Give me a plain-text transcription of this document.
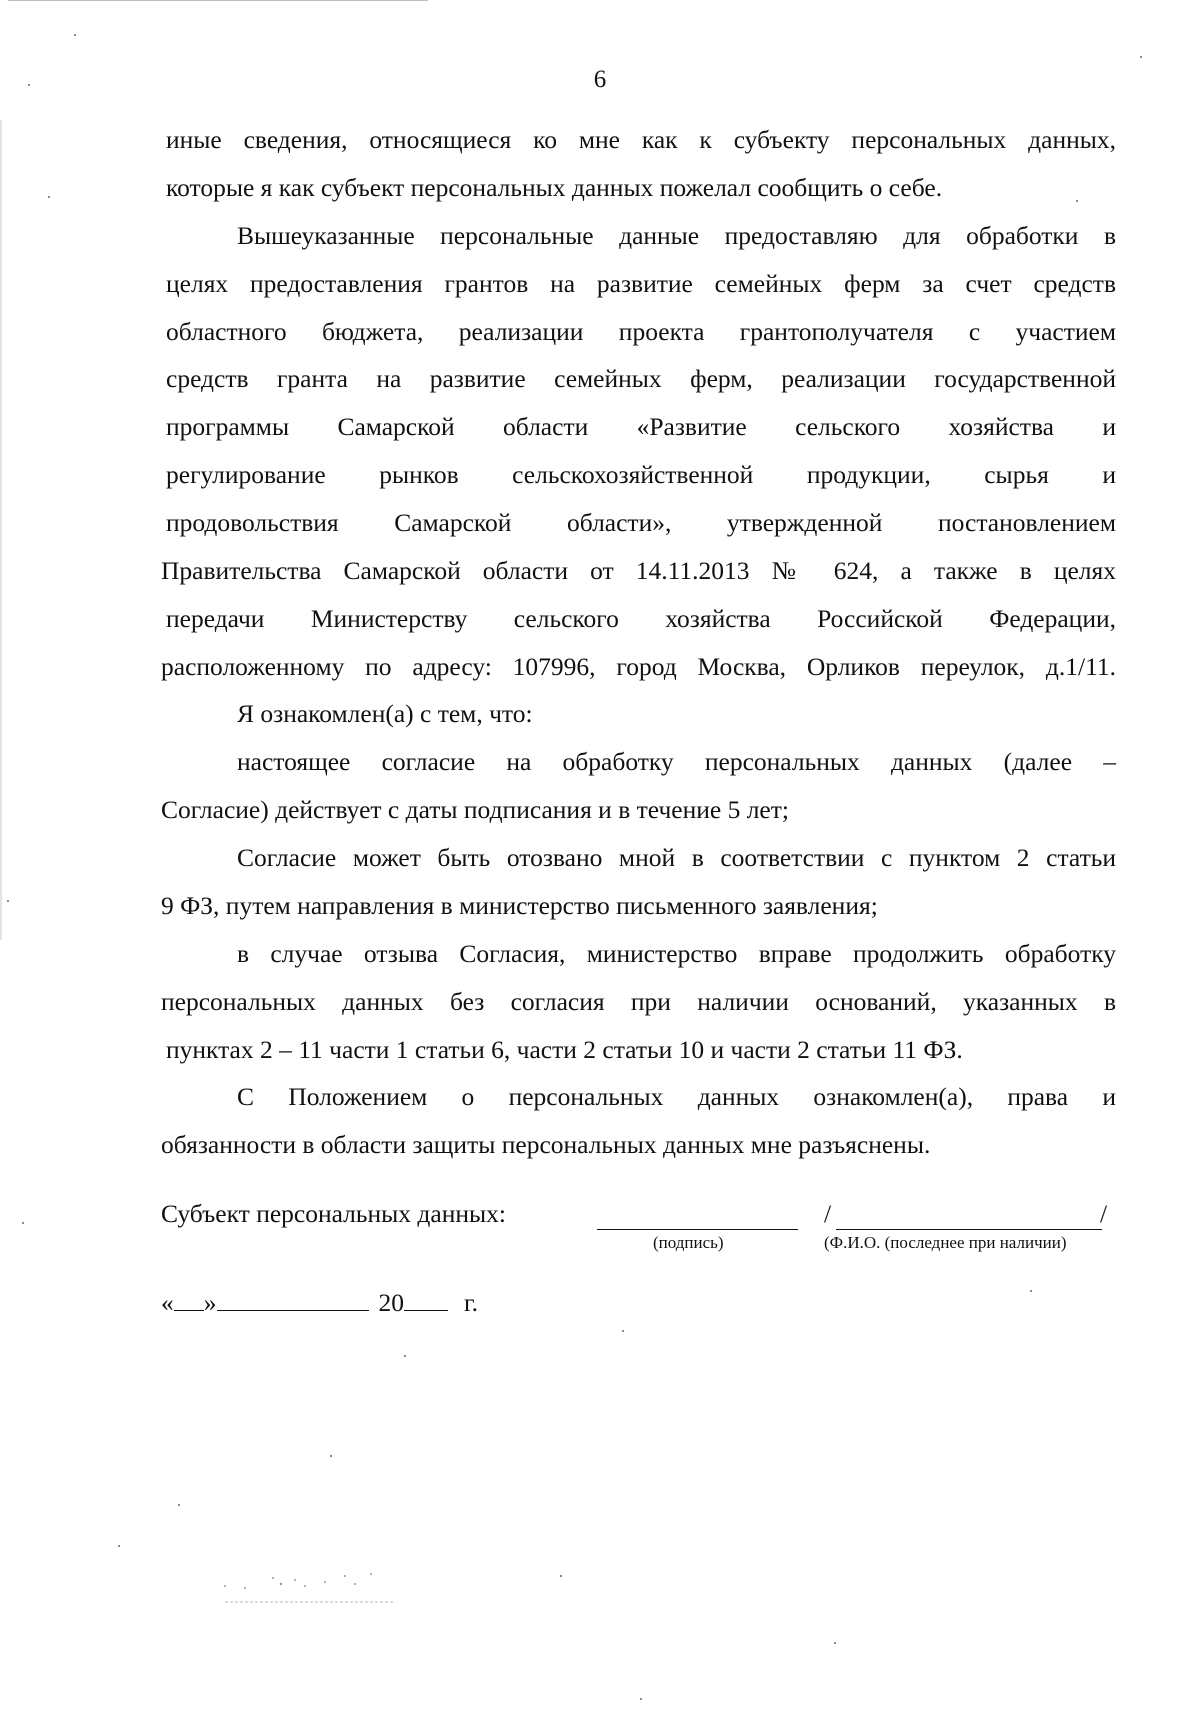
6
иные сведения, относящиеся ко мне как к субъекту персональных данных,
которые я как субъект персональных данных пожелал сообщить о себе.
Вышеуказанные персональные данные предоставляю для обработки в
целях предоставления грантов на развитие семейных ферм за счет средств
областного бюджета, реализации проекта грантополучателя с участием
средств гранта на развитие семейных ферм, реализации государственной
программы Самарской области «Развитие сельского хозяйства и
регулирование рынков сельскохозяйственной продукции, сырья и
продовольствия Самарской области», утвержденной постановлением
Правительства Самарской области от 14.11.2013 № 624, а также в целях
передачи Министерству сельского хозяйства Российской Федерации,
расположенному по адресу: 107996, город Москва, Орликов переулок, д.1/11.
Я ознакомлен(а) с тем, что:
настоящее согласие на обработку персональных данных (далее –
Согласие) действует с даты подписания и в течение 5 лет;
Согласие может быть отозвано мной в соответствии с пунктом 2 статьи
9 ФЗ, путем направления в министерство письменного заявления;
в случае отзыва Согласия, министерство вправе продолжить обработку
персональных данных без согласия при наличии оснований, указанных в
пунктах 2 – 11 части 1 статьи 6, части 2 статьи 10 и части 2 статьи 11 ФЗ.
С Положением о персональных данных ознакомлен(а), права и
обязанности в области защиты персональных данных мне разъяснены.
Субъект персональных данных:	/	/
(подпись)	(Ф.И.О. (последнее при наличии)
« »	20 г.
